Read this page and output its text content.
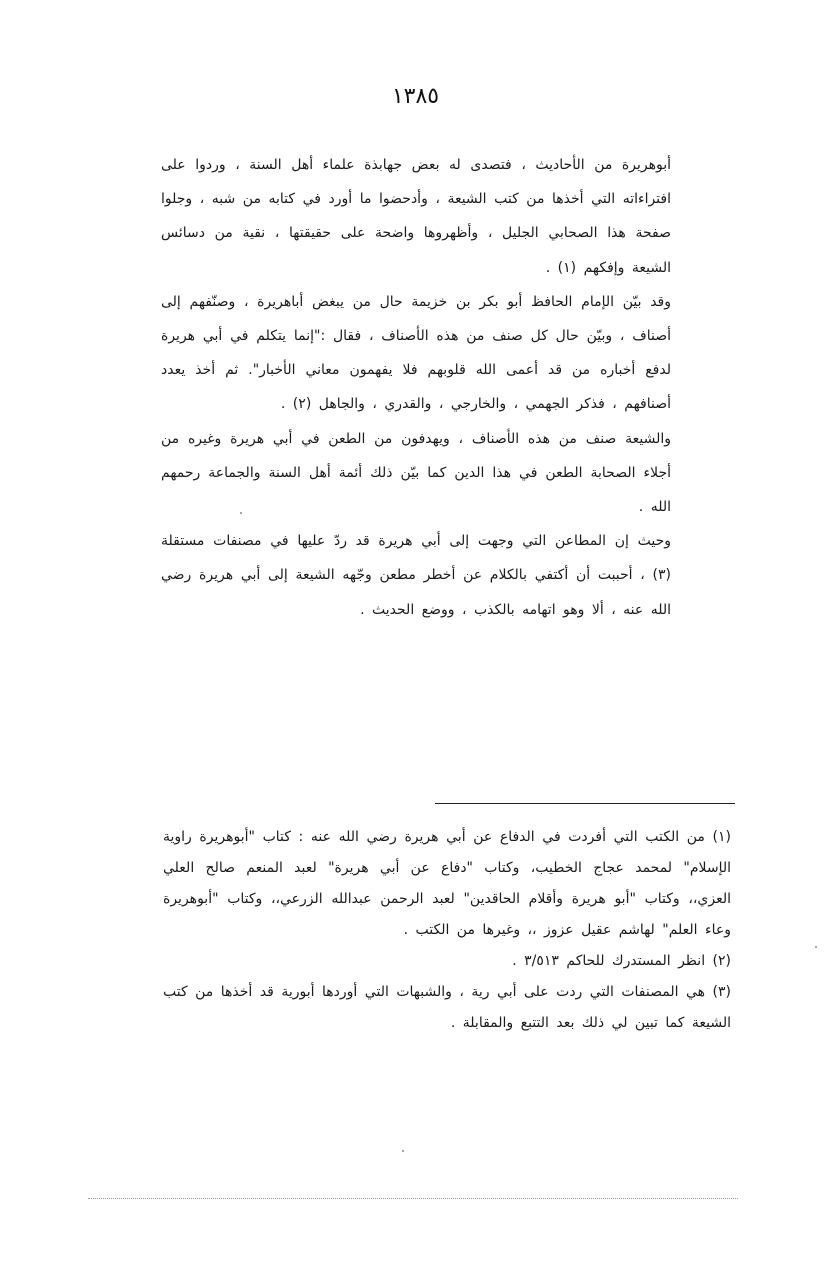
١٣٨٥

أبوهريرة من الأحاديث ، فتصدى له بعض جهابذة علماء أهل السنة ، وردوا على افتراءاته التي أخذها من كتب الشيعة ، وأدحضوا ما أورد في كتابه من شبه ، وجلوا صفحة هذا الصحابي الجليل ، وأظهروها واضحة على حقيقتها ، نقية من دسائس الشيعة وإفكهم (١) .

وقد بيّن الإمام الحافظ أبو بكر بن خزيمة حال من يبغض أباهريرة ، وصنّفهم إلى أصناف ، وبيّن حال كل صنف من هذه الأصناف ، فقال :"إنما يتكلم في أبي هريرة لدفع أخباره من قد أعمى الله قلوبهم فلا يفهمون معاني الأخبار". ثم أخذ يعدد أصنافهم ، فذكر الجهمي ، والخارجي ، والقدري ، والجاهل (٢) .

والشيعة صنف من هذه الأصناف ، ويهدفون من الطعن في أبي هريرة وغيره من أجلاء الصحابة الطعن في هذا الدين كما بيّن ذلك أئمة أهل السنة والجماعة رحمهم الله .

وحيث إن المطاعن التي وجهت إلى أبي هريرة قد ردّ عليها في مصنفات مستقلة (٣) ، أحببت أن أكتفي بالكلام عن أخطر مطعن وجّهه الشيعة إلى أبي هريرة رضي الله عنه ، ألا وهو اتهامه بالكذب ، ووضع الحديث .

(١) من الكتب التي أفردت في الدفاع عن أبي هريرة رضي الله عنه : كتاب "أبوهريرة راوية الإسلام" لمحمد عجاج الخطيب، وكتاب "دفاع عن أبي هريرة" لعبد المنعم صالح العلي العزي،، وكتاب "أبو هريرة وأقلام الحاقدين" لعبد الرحمن عبدالله الزرعي،، وكتاب "أبوهريرة وعاء العلم" لهاشم عقيل عزوز ،، وغيرها من الكتب .

(٢) انظر المستدرك للحاكم ٣/٥١٣ .

(٣) هي المصنفات التي ردت على أبي رية ، والشبهات التي أوردها أبورية قد أخذها من كتب الشيعة كما تبين لي ذلك بعد التتبع والمقابلة .
